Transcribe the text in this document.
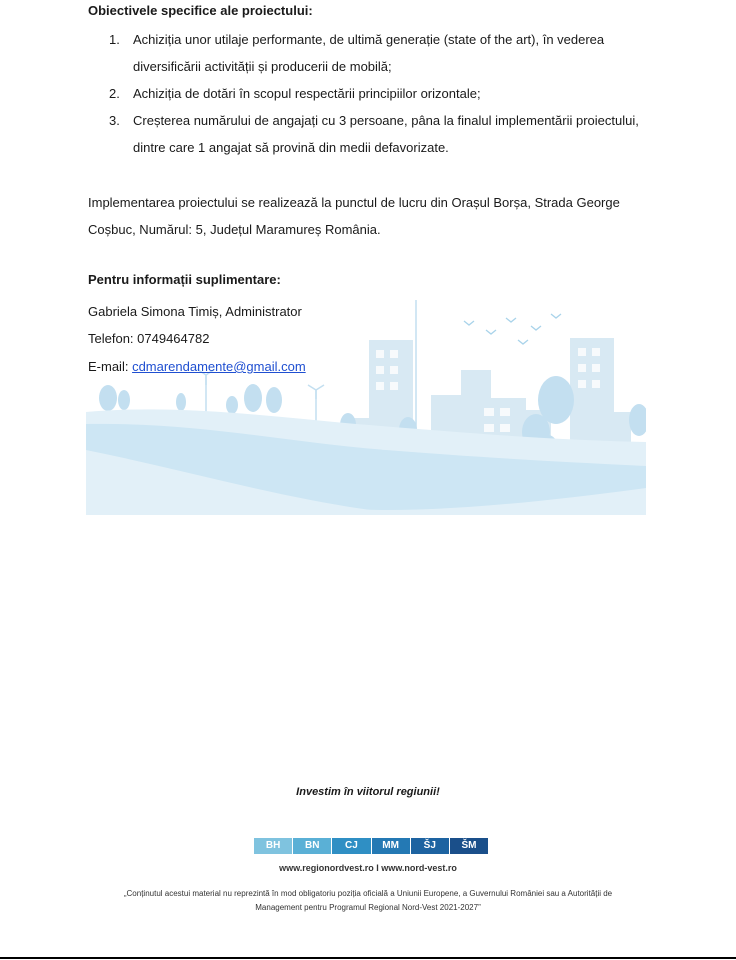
Obiectivele specifice ale proiectului:
1. Achiziția unor utilaje performante, de ultimă generație (state of the art), în vederea diversificării activității și producerii de mobilă;
2. Achiziția de dotări în scopul respectării principiilor orizontale;
3. Creșterea numărului de angajați cu 3 persoane, pâna la finalul implementării proiectului, dintre care 1 angajat să provină din medii defavorizate.

Implementarea proiectului se realizează la punctul de lucru din Orașul Borșa, Strada George Coșbuc, Numărul: 5, Județul Maramureș România.

Pentru informații suplimentare:
Gabriela Simona Timiș, Administrator
Telefon: 0749464782
E-mail: cdmarendamente@gmail.com
Investim în viitorul regiunii!
BH	BN	CJ	MM	ŠJ	ŠM
www.regionordvest.ro I www.nord-vest.ro

„Conținutul acestui material nu reprezintă în mod obligatoriu poziția oficială a Uniunii Europene, a Guvernului României sau a Autorității de Management pentru Programul Regional Nord-Vest 2021-2027”
